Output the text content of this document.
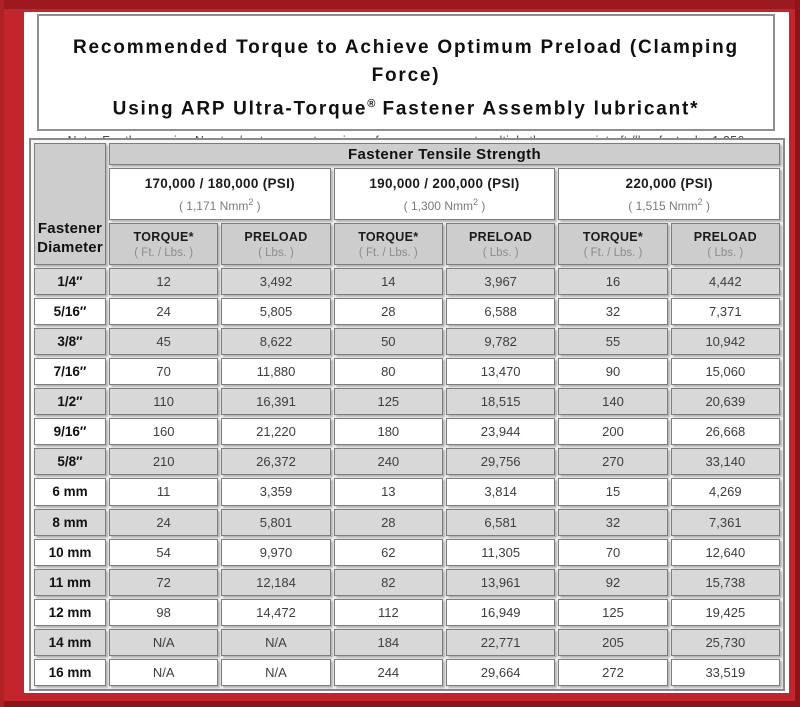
Recommended Torque to Achieve Optimum Preload (Clamping Force)
Using ARP Ultra-Torque® Fastener Assembly lubricant*
Fastener
Diameter	Fastener Tensile Strength					

170,000 / 180,000 (PSI)
( 1,171 Nmm$^2$ )

190,000 / 200,000 (PSI)
( 1,300 Nmm$^2$ )

220,000 (PSI)
( 1,515 Nmm$^2$ )

TORQUE*
( Ft. / Lbs. )

PRELOAD
( Lbs. )

TORQUE*
( Ft. / Lbs. )

PRELOAD
( Lbs. )

TORQUE*
( Ft. / Lbs. )

PRELOAD
( Lbs. )

1/4″	12	3,492	14	3,967	16	4,442
5/16″	24	5,805	28	6,588	32	7,371
3/8″	45	8,622	50	9,782	55	10,942
7/16″	70	11,880	80	13,470	90	15,060
1/2″	110	16,391	125	18,515	140	20,639
9/16″	160	21,220	180	23,944	200	26,668
5/8″	210	26,372	240	29,756	270	33,140
6 mm	11	3,359	13	3,814	15	4,269
8 mm	24	5,801	28	6,581	32	7,361
10 mm	54	9,970	62	11,305	70	12,640
11 mm	72	12,184	82	13,961	92	15,738
12 mm	98	14,472	112	16,949	125	19,425
14 mm	N/A	N/A	184	22,771	205	25,730
16 mm	N/A	N/A	244	29,664	272	33,519
